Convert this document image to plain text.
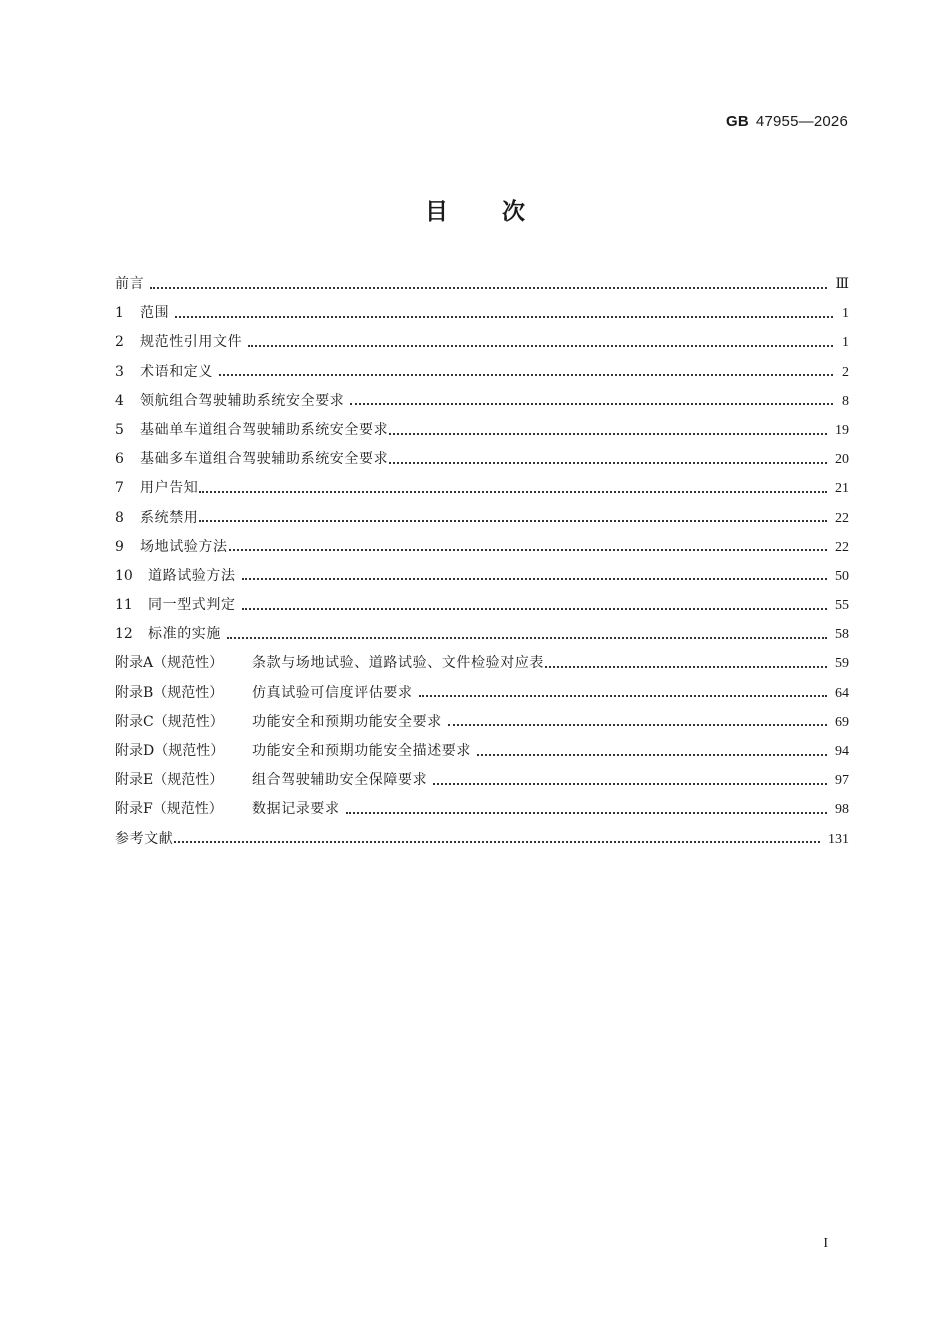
GB 47955—2026
目次
前言	Ⅲ
1	范围	1
2	规范性引用文件	1
3	术语和定义	2
4	领航组合驾驶辅助系统安全要求	8
5	基础单车道组合驾驶辅助系统安全要求	19
6	基础多车道组合驾驶辅助系统安全要求	20
7	用户告知	21
8	系统禁用	22
9	场地试验方法	22
10	道路试验方法	50
11	同一型式判定	55
12	标准的实施	58
附录A（规范性）	条款与场地试验、道路试验、文件检验对应表	59
附录B（规范性）	仿真试验可信度评估要求	64
附录C（规范性）	功能安全和预期功能安全要求	69
附录D（规范性）	功能安全和预期功能安全描述要求	94
附录E（规范性）	组合驾驶辅助安全保障要求	97
附录F（规范性）	数据记录要求	98
参考文献	131
I
